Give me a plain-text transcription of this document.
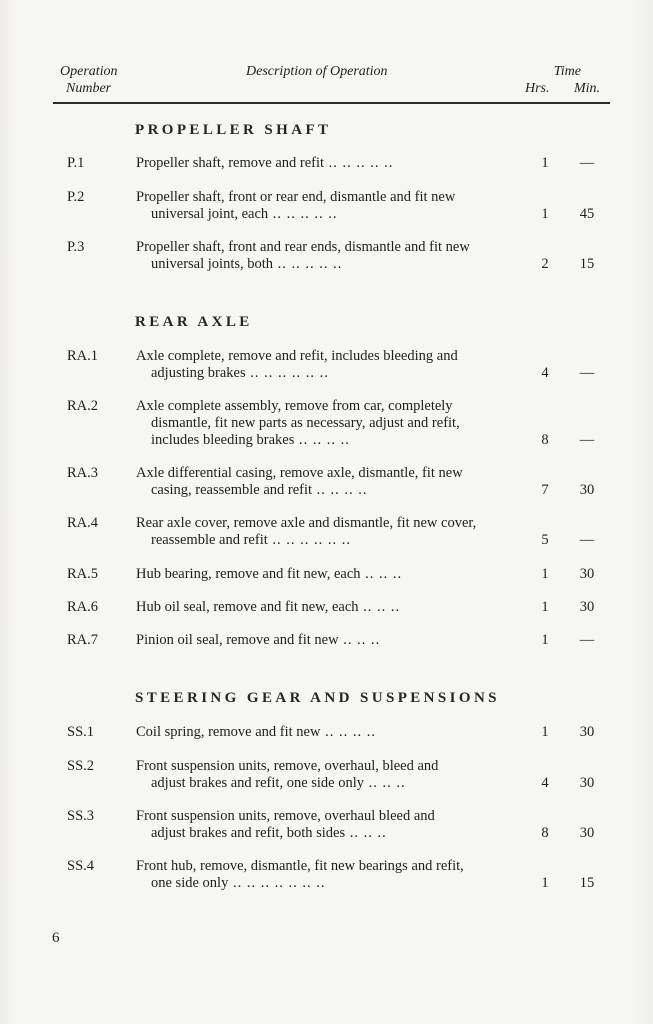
Operation
Number
Description of Operation	Time
Hrs. Min.
PROPELLER SHAFT
P.1	Propeller shaft, remove and refit .. .. .. .. ..	1 —
P.2	Propeller shaft, front or rear end, dismantle and fit new
universal joint, each .. .. .. .. ..	1 45
P.3	Propeller shaft, front and rear ends, dismantle and fit new
universal joints, both .. .. .. .. ..	2 15
REAR AXLE
RA.1	Axle complete, remove and refit, includes bleeding and
adjusting brakes .. .. .. .. .. ..	4 —
RA.2	Axle complete assembly, remove from car, completely
dismantle, fit new parts as necessary, adjust and refit,
includes bleeding brakes .. .. .. ..	8 —
RA.3	Axle differential casing, remove axle, dismantle, fit new
casing, reassemble and refit .. .. .. ..	7 30
RA.4	Rear axle cover, remove axle and dismantle, fit new cover,
reassemble and refit .. .. .. .. .. ..	5 —
RA.5	Hub bearing, remove and fit new, each .. .. ..	1 30
RA.6	Hub oil seal, remove and fit new, each .. .. ..	1 30
RA.7	Pinion oil seal, remove and fit new .. .. ..	1 —
STEERING GEAR AND SUSPENSIONS
SS.1	Coil spring, remove and fit new .. .. .. ..	1 30
SS.2	Front suspension units, remove, overhaul, bleed and
adjust brakes and refit, one side only .. .. ..	4 30
SS.3	Front suspension units, remove, overhaul bleed and
adjust brakes and refit, both sides .. .. ..	8 30
SS.4	Front hub, remove, dismantle, fit new bearings and refit,
one side only .. .. .. .. .. .. ..	1 15
6
